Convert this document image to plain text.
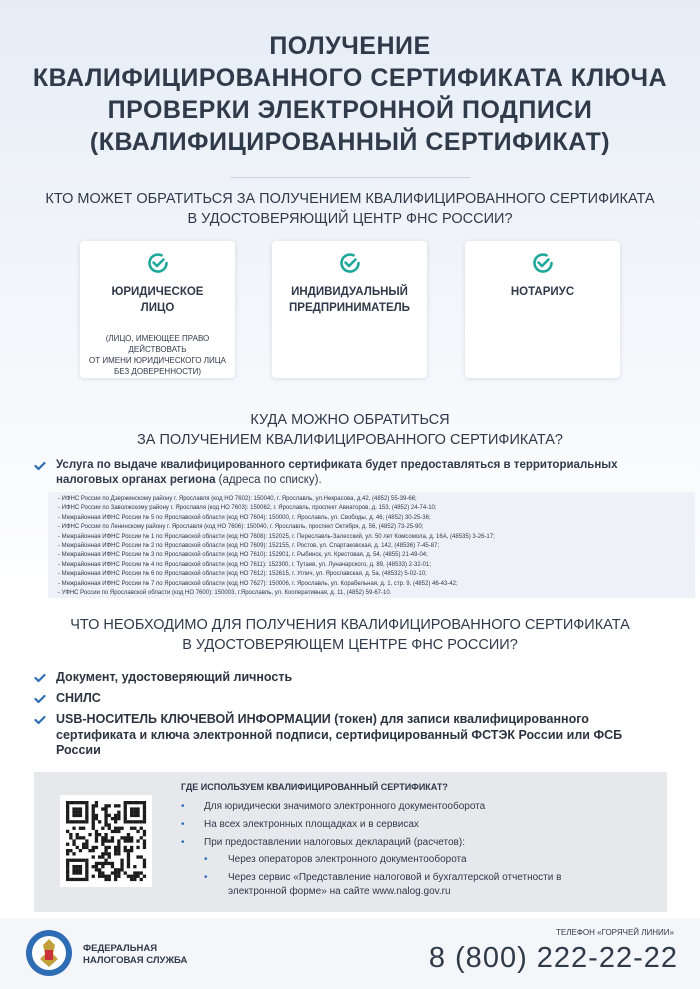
ПОЛУЧЕНИЕ
КВАЛИФИЦИРОВАННОГО СЕРТИФИКАТА КЛЮЧА
ПРОВЕРКИ ЭЛЕКТРОННОЙ ПОДПИСИ
(КВАЛИФИЦИРОВАННЫЙ СЕРТИФИКАТ)
КТО МОЖЕТ ОБРАТИТЬСЯ ЗА ПОЛУЧЕНИЕМ КВАЛИФИЦИРОВАННОГО СЕРТИФИКАТА
В УДОСТОВЕРЯЮЩИЙ ЦЕНТР ФНС РОССИИ?
ЮРИДИЧЕСКОЕ
ЛИЦО
(ЛИЦО, ИМЕЮЩЕЕ ПРАВО ДЕЙСТВОВАТЬ
ОТ ИМЕНИ ЮРИДИЧЕСКОГО ЛИЦА
БЕЗ ДОВЕРЕННОСТИ)
ИНДИВИДУАЛЬНЫЙ
ПРЕДПРИНИМАТЕЛЬ
НОТАРИУС
КУДА МОЖНО ОБРАТИТЬСЯ
ЗА ПОЛУЧЕНИЕМ КВАЛИФИЦИРОВАННОГО СЕРТИФИКАТА?
Услуга по выдаче квалифицированного сертификата будет предоставляться в территориальных налоговых органах региона (адреса по списку).
- ИФНС России по Дзержинскому району г. Ярославля (код НО 7602): 150040, г. Ярославль, ул.Некрасова, д.42, (4852) 55-39-66;
- ИФНС России по Заволжскому району г. Ярославля (код НО 7603): 150062, г. Ярославль, проспект Авиаторов, д. 153, (4852) 24-74-10;
- Межрайонная ИФНС России № 5 по Ярославской области (код НО 7604): 150000, г. Ярославль, ул. Свободы, д. 46, (4852) 30-25-36;
- ИФНС России по Ленинскому району г. Ярославля (код НО 7606): 150040, г. Ярославль, проспект Октября, д. 56, (4852) 73-25-90;
- Межрайонная ИФНС России № 1 по Ярославской области (код НО 7608): 152025, г. Переславль-Залесский, ул. 50 лет Комсомола, д. 16А, (48535) 3-26-17;
- Межрайонная ИФНС России № 2 по Ярославской области (код НО 7609): 152155, г. Ростов, ул. Спартаковская, д. 142, (48536) 7-45-87;
- Межрайонная ИФНС России № 3 по Ярославской области (код НО 7610): 152901, г. Рыбинск, ул. Крестовая, д. 54, (4855) 21-49-04;
- Межрайонная ИФНС России № 4 по Ярославской области (код НО 7611): 152300, г. Тутаев, ул. Луначарского, д. 89, (48533) 2-32-01;
- Межрайонная ИФНС России № 6 по Ярославской области (код НО 7612): 152615, г. Углич, ул. Ярославская, д. 5а, (48532) 5-02-10;
- Межрайонная ИФНС России № 7 по Ярославской области (код НО 7627): 150006, г. Ярославль, ул. Корабельная, д. 1, стр. 9, (4852) 46-43-42;
- УФНС России по Ярославской области (код НО 7600): 150003, г.Ярославль, ул. Кооперативная, д. 11, (4852) 59-67-10.
ЧТО НЕОБХОДИМО ДЛЯ ПОЛУЧЕНИЯ КВАЛИФИЦИРОВАННОГО СЕРТИФИКАТА
В УДОСТОВЕРЯЮЩЕМ ЦЕНТРЕ ФНС РОССИИ?
Документ, удостоверяющий личность
СНИЛС
USB-НОСИТЕЛЬ КЛЮЧЕВОЙ ИНФОРМАЦИИ (токен) для записи квалифицированного сертификата и ключа электронной подписи, сертифицированный ФСТЭК России или ФСБ России
ГДЕ ИСПОЛЬЗУЕМ КВАЛИФИЦИРОВАННЫЙ СЕРТИФИКАТ?
• Для юридически значимого электронного документооборота
• На всех электронных площадках и в сервисах
• При предоставлении налоговых деклараций (расчетов):
• Через операторов электронного документооборота
• Через сервис «Представление налоговой и бухгалтерской отчетности в электронной форме» на сайте www.nalog.gov.ru
ФЕДЕРАЛЬНАЯ
НАЛОГОВАЯ СЛУЖБА
ТЕЛЕФОН «ГОРЯЧЕЙ ЛИНИИ»
8 (800) 222-22-22
